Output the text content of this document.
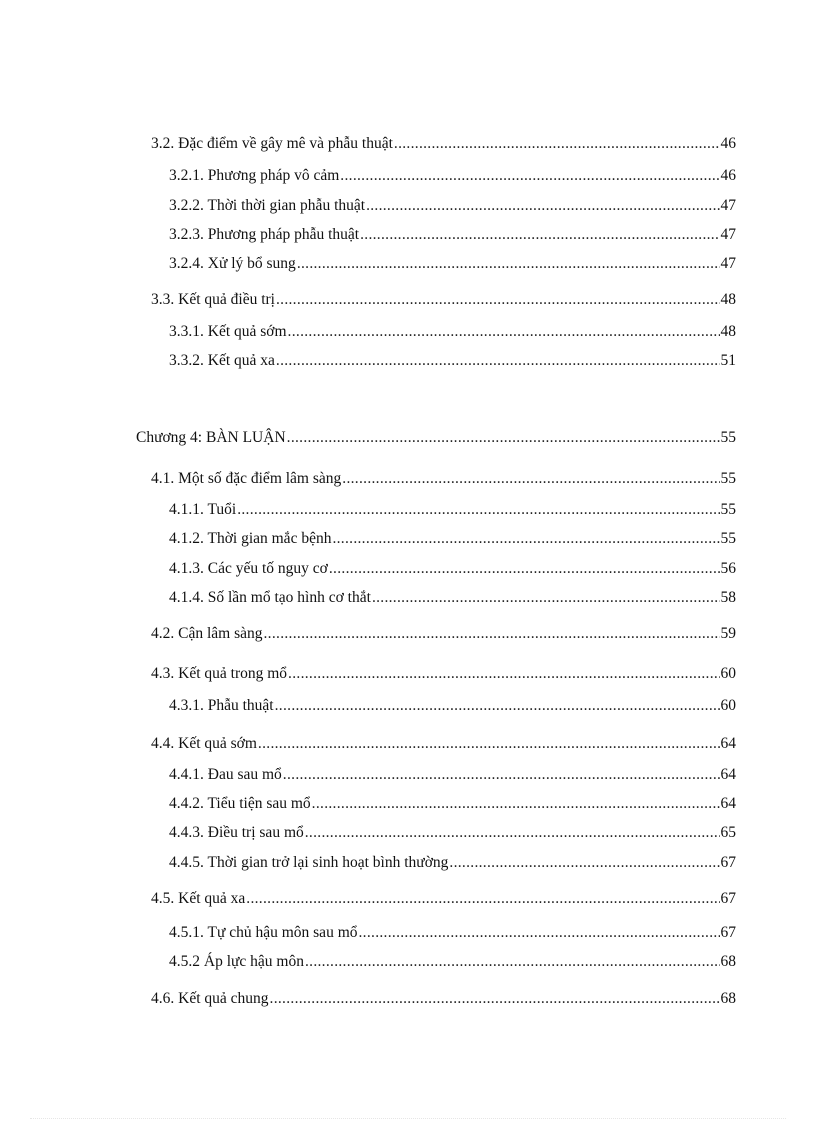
3.2. Đặc điểm về gây mê và phẫu thuật .....	46
3.2.1. Phương pháp vô cảm .....	46
3.2.2. Thời thời gian phẫu thuật .....	47
3.2.3. Phương pháp phẫu thuật .....	47
3.2.4. Xử lý bổ sung .....	47
3.3. Kết quả điều trị .....	48
3.3.1. Kết quả sớm .....	48
3.3.2. Kết quả xa .....	51
Chương 4: BÀN LUẬN .....	55
4.1. Một số đặc điểm lâm sàng .....	55
4.1.1. Tuổi .....	55
4.1.2. Thời gian mắc bệnh .....	55
4.1.3. Các yếu tố nguy cơ .....	56
4.1.4. Số lần mổ tạo hình cơ thắt .....	58
4.2. Cận lâm sàng .....	59
4.3. Kết quả trong mổ .....	60
4.3.1. Phẫu thuật .....	60
4.4. Kết quả sớm .....	64
4.4.1. Đau sau mổ .....	64
4.4.2. Tiểu tiện sau mổ .....	64
4.4.3. Điều trị sau mổ .....	65
4.4.5. Thời gian trở lại sinh hoạt bình thường .....	67
4.5. Kết quả xa .....	67
4.5.1. Tự chủ hậu môn sau mổ .....	67
4.5.2 Áp lực hậu môn .....	68
4.6. Kết quả chung .....	68
